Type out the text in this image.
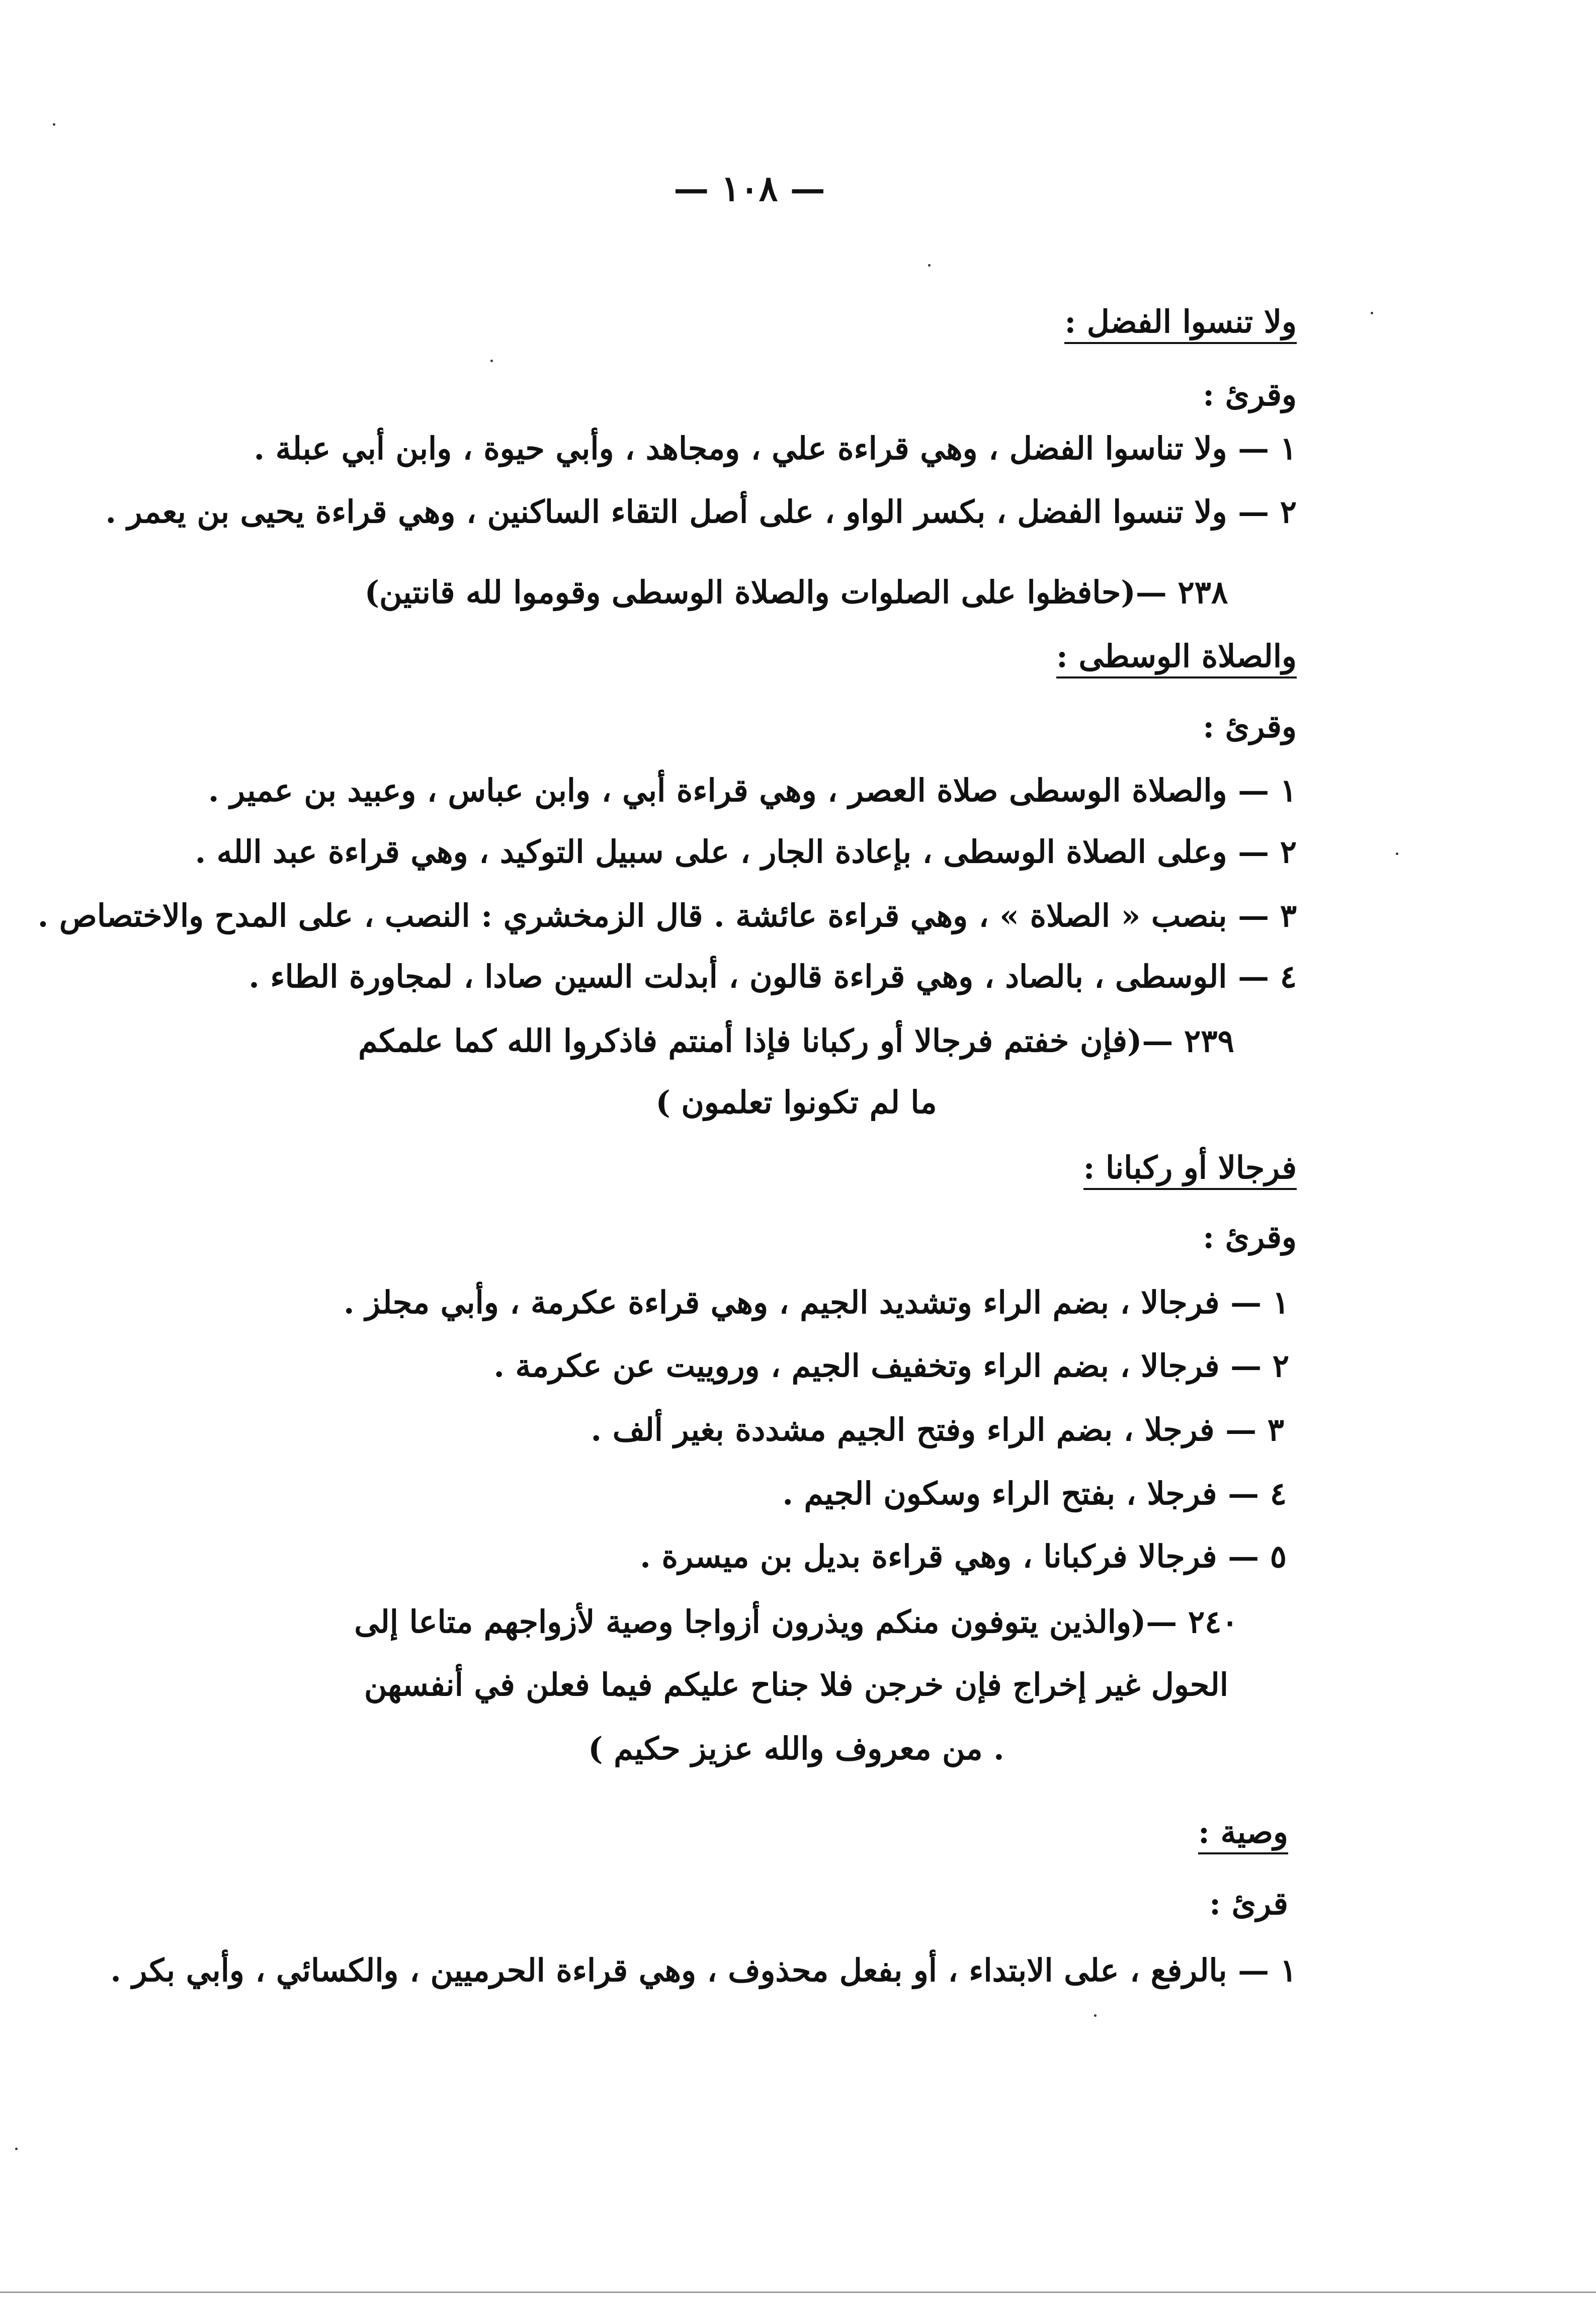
— ١٠٨ —
ولا تنسوا الفضل :
وقرئ :
١ — ولا تناسوا الفضل ، وهي قراءة علي ، ومجاهد ، وأبي حيوة ، وابن أبي عبلة .
٢ — ولا تنسوا الفضل ، بكسر الواو ، على أصل التقاء الساكنين ، وهي قراءة يحيى بن يعمر .
٢٣٨ —(حافظوا على الصلوات والصلاة الوسطى وقوموا لله قانتين)
والصلاة الوسطى :
وقرئ :
١ — والصلاة الوسطى صلاة العصر ، وهي قراءة أبي ، وابن عباس ، وعبيد بن عمير .
٢ — وعلى الصلاة الوسطى ، بإعادة الجار ، على سبيل التوكيد ، وهي قراءة عبد الله .
٣ — بنصب « الصلاة » ، وهي قراءة عائشة . قال الزمخشري : النصب ، على المدح والاختصاص .
٤ — الوسطى ، بالصاد ، وهي قراءة قالون ، أبدلت السين صادا ، لمجاورة الطاء .
٢٣٩ —(فإن خفتم فرجالا أو ركبانا فإذا أمنتم فاذكروا الله كما علمكم
ما لم تكونوا تعلمون )
فرجالا أو ركبانا :
وقرئ :
١ — فرجالا ، بضم الراء وتشديد الجيم ، وهي قراءة عكرمة ، وأبي مجلز .
٢ — فرجالا ، بضم الراء وتخفيف الجيم ، وروييت عن عكرمة .
٣ — فرجلا ، بضم الراء وفتح الجيم مشددة بغير ألف .
٤ — فرجلا ، بفتح الراء وسكون الجيم .
٥ — فرجالا فركبانا ، وهي قراءة بديل بن ميسرة .
٢٤٠ —(والذين يتوفون منكم ويذرون أزواجا وصية لأزواجهم متاعا إلى
الحول غير إخراج فإن خرجن فلا جناح عليكم فيما فعلن في أنفسهن
. من معروف والله عزيز حكيم )
وصية :
قرئ :
١ — بالرفع ، على الابتداء ، أو بفعل محذوف ، وهي قراءة الحرميين ، والكسائي ، وأبي بكر .
